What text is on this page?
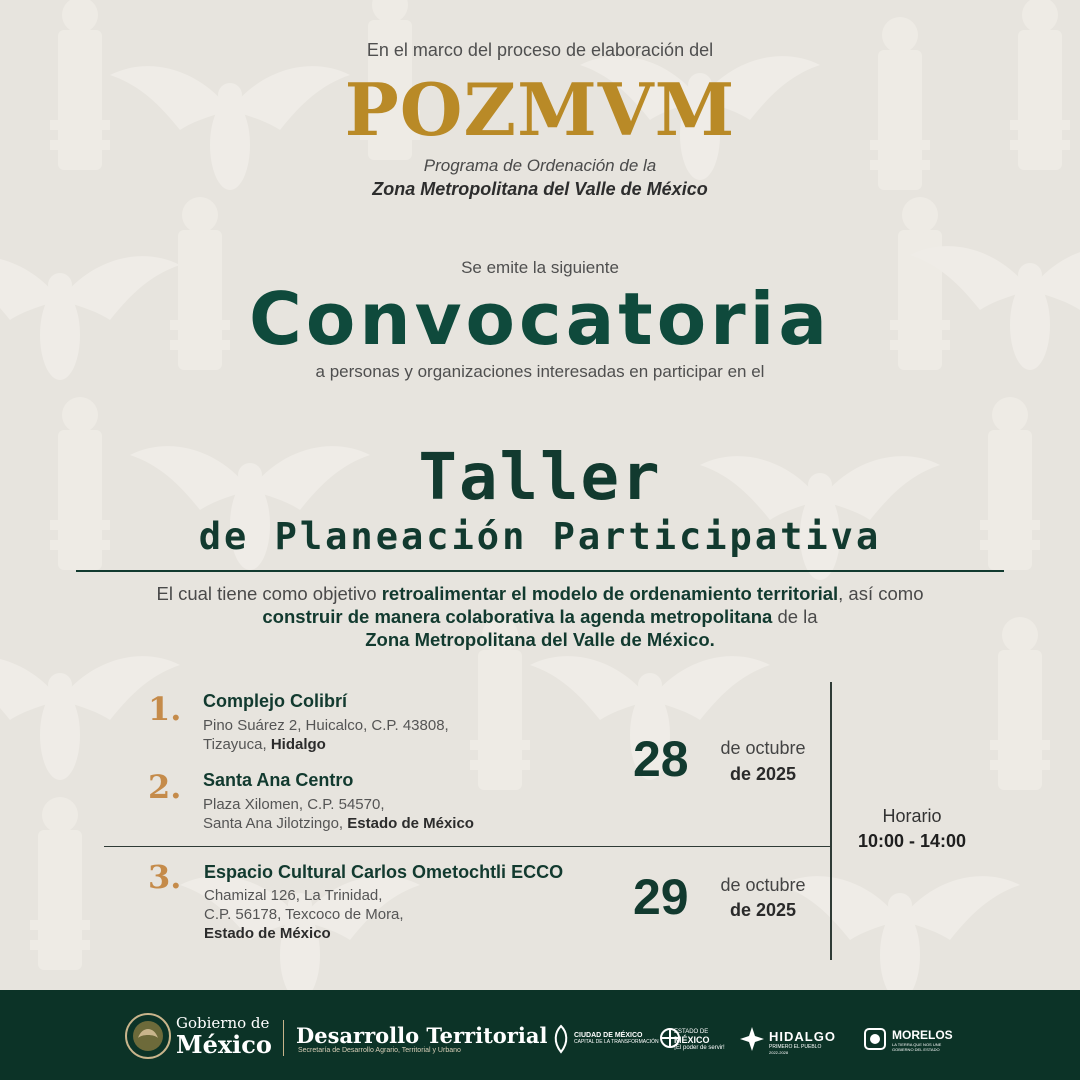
En el marco del proceso de elaboración del
POZMVM
Programa de Ordenación de la
Zona Metropolitana del Valle de México
Se emite la siguiente
Convocatoria
a personas y organizaciones interesadas en participar en el
Taller
de Planeación Participativa
El cual tiene como objetivo retroalimentar el modelo de ordenamiento territorial, así como
construir de manera colaborativa la agenda metropolitana de la
Zona Metropolitana del Valle de México.
1. Complejo Colibrí
Pino Suárez 2, Huicalco, C.P. 43808,
Tizayuca, Hidalgo
2. Santa Ana Centro
Plaza Xilomen, C.P. 54570,
Santa Ana Jilotzingo, Estado de México
28	de octubre
de 2025
3. Espacio Cultural Carlos Ometochtli ECCO
Chamizal 126, La Trinidad,
C.P. 56178, Texcoco de Mora,
Estado de México
29	de octubre
de 2025
Horario
10:00 - 14:00
Gobierno de
México Desarrollo Territorial
Secretaría de Desarrollo Agrario, Territorial y Urbano
CIUDAD DE MÉXICO
CAPITAL DE LA TRANSFORMACIÓN
ESTADO DE
MÉXICO
¡El poder de servir!
HIDALGO
PRIMERO EL PUEBLO
2022-2028
MORELOS
LA TIERRA QUE NOS UNE
GOBIERNO DEL ESTADO
